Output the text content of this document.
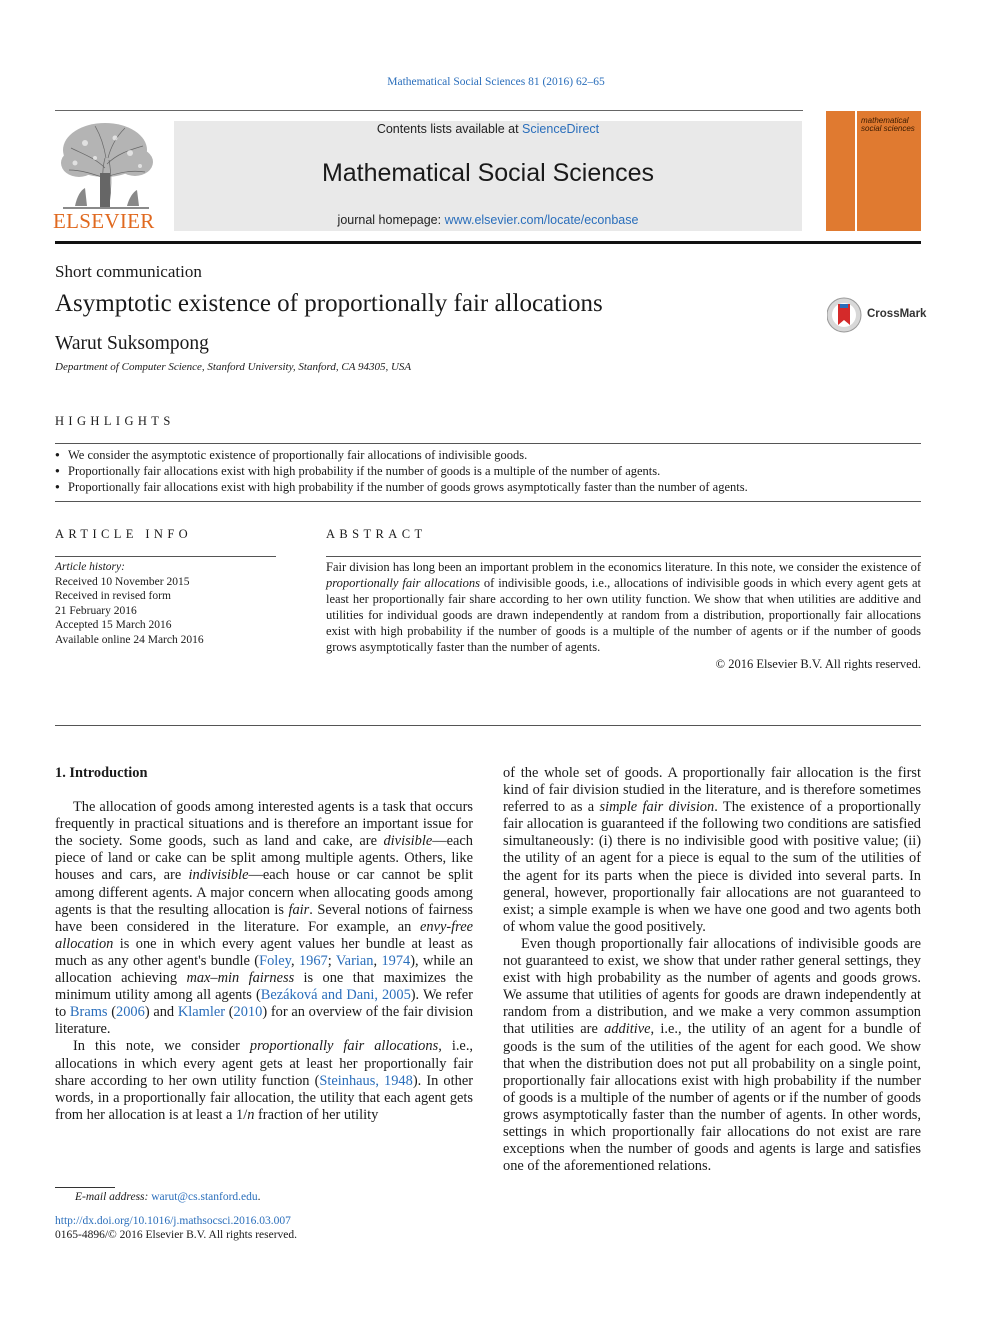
Mathematical Social Sciences 81 (2016) 62–65
ELSEVIER
Contents lists available at ScienceDirect
Mathematical Social Sciences
journal homepage: www.elsevier.com/locate/econbase
mathematical social sciences
Short communication
Asymptotic existence of proportionally fair allocations	CrossMark
Warut Suksompong
Department of Computer Science, Stanford University, Stanford, CA 94305, USA
HIGHLIGHTS
● We consider the asymptotic existence of proportionally fair allocations of indivisible goods.
● Proportionally fair allocations exist with high probability if the number of goods is a multiple of the number of agents.
● Proportionally fair allocations exist with high probability if the number of goods grows asymptotically faster than the number of agents.
ARTICLE INFO
Article history:
Received 10 November 2015
Received in revised form
21 February 2016
Accepted 15 March 2016
Available online 24 March 2016
ABSTRACT
Fair division has long been an important problem in the economics literature. In this note, we consider the existence of proportionally fair allocations of indivisible goods, i.e., allocations of indivisible goods in which every agent gets at least her proportionally fair share according to her own utility function. We show that when utilities are additive and utilities for individual goods are drawn independently at random from a distribution, proportionally fair allocations exist with high probability if the number of goods is a multiple of the number of agents or if the number of goods grows asymptotically faster than the number of agents.
© 2016 Elsevier B.V. All rights reserved.

1. Introduction

The allocation of goods among interested agents is a task that occurs frequently in practical situations and is therefore an important issue for the society. Some goods, such as land and cake, are divisible—each piece of land or cake can be split among multiple agents. Others, like houses and cars, are indivisible—each house or car cannot be split among different agents. A major concern when allocating goods among agents is that the resulting allocation is fair. Several notions of fairness have been considered in the literature. For example, an envy-free allocation is one in which every agent values her bundle at least as much as any other agent's bundle (Foley, 1967; Varian, 1974), while an allocation achieving max–min fairness is one that maximizes the minimum utility among all agents (Bezáková and Dani, 2005). We refer to Brams (2006) and Klamler (2010) for an overview of the fair division literature.

In this note, we consider proportionally fair allocations, i.e., allocations in which every agent gets at least her proportionally fair share according to her own utility function (Steinhaus, 1948). In other words, in a proportionally fair allocation, the utility that each agent gets from her allocation is at least a 1/n fraction of her utility

of the whole set of goods. A proportionally fair allocation is the first kind of fair division studied in the literature, and is therefore sometimes referred to as a simple fair division. The existence of a proportionally fair allocation is guaranteed if the following two conditions are satisfied simultaneously: (i) there is no indivisible good with positive value; (ii) the utility of an agent for a piece is equal to the sum of the utilities of the agent for its parts when the piece is divided into several parts. In general, however, proportionally fair allocations are not guaranteed to exist; a simple example is when we have one good and two agents both of whom value the good positively.

Even though proportionally fair allocations of indivisible goods are not guaranteed to exist, we show that under rather general settings, they exist with high probability as the number of agents and goods grows. We assume that utilities of agents for goods are drawn independently at random from a distribution, and we make a very common assumption that utilities are additive, i.e., the utility of an agent for a bundle of goods is the sum of the utilities of the agent for each good. We show that when the distribution does not put all probability on a single point, proportionally fair allocations exist with high probability if the number of goods is a multiple of the number of agents or if the number of goods grows asymptotically faster than the number of agents. In other words, settings in which proportionally fair allocations do not exist are rare exceptions when the number of goods and agents is large and satisfies one of the aforementioned relations.

E-mail address: warut@cs.stanford.edu.
http://dx.doi.org/10.1016/j.mathsocsci.2016.03.007
0165-4896/© 2016 Elsevier B.V. All rights reserved.
